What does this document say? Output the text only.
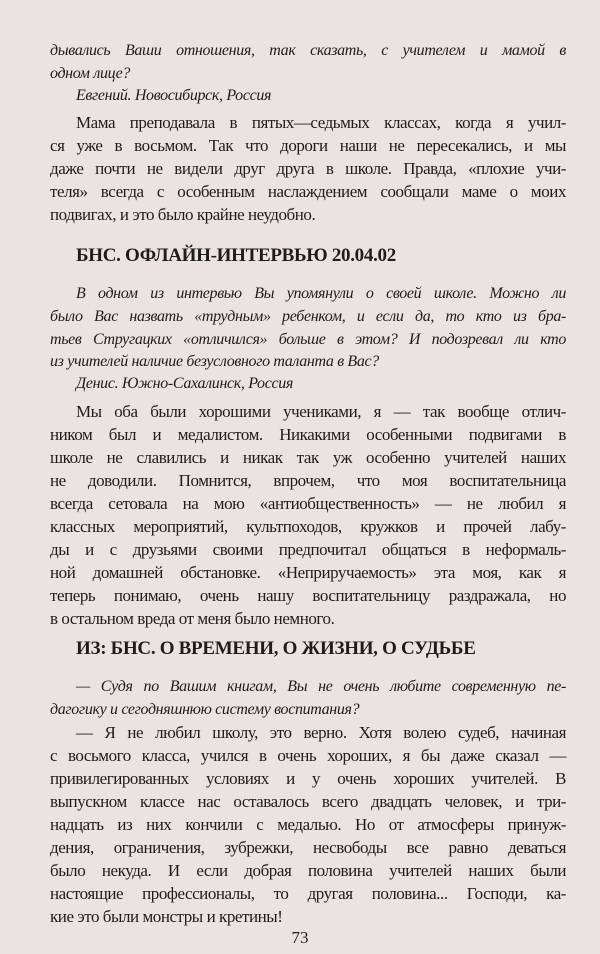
дывались Ваши отношения, так сказать, с учителем и мамой в
одном лице?
Евгений. Новосибирск, Россия
Мама преподавала в пятых—седьмых классах, когда я учил-
ся уже в восьмом. Так что дороги наши не пересекались, и мы
даже почти не видели друг друга в школе. Правда, «плохие учи-
теля» всегда с особенным наслаждением сообщали маме о моих
подвигах, и это было крайне неудобно.
БНС. ОФЛАЙН-ИНТЕРВЬЮ 20.04.02
В одном из интервью Вы упомянули о своей школе. Можно ли
было Вас назвать «трудным» ребенком, и если да, то кто из бра-
тьев Стругацких «отличился» больше в этом? И подозревал ли кто
из учителей наличие безусловного таланта в Вас?
Денис. Южно-Сахалинск, Россия
Мы оба были хорошими учениками, я — так вообще отлич-
ником был и медалистом. Никакими особенными подвигами в
школе не славились и никак так уж особенно учителей наших
не доводили. Помнится, впрочем, что моя воспитательница
всегда сетовала на мою «антиобщественность» — не любил я
классных мероприятий, культпоходов, кружков и прочей лабу-
ды и с друзьями своими предпочитал общаться в неформаль-
ной домашней обстановке. «Неприручаемость» эта моя, как я
теперь понимаю, очень нашу воспитательницу раздражала, но
в остальном вреда от меня было немного.
ИЗ: БНС. О ВРЕМЕНИ, О ЖИЗНИ, О СУДЬБЕ
— Судя по Вашим книгам, Вы не очень любите современную пе-
дагогику и сегодняшнюю систему воспитания?
— Я не любил школу, это верно. Хотя волею судеб, начиная
с восьмого класса, учился в очень хороших, я бы даже сказал —
привилегированных условиях и у очень хороших учителей. В
выпускном классе нас оставалось всего двадцать человек, и три-
надцать из них кончили с медалью. Но от атмосферы принуж-
дения, ограничения, зубрежки, несвободы все равно деваться
было некуда. И если добрая половина учителей наших были
настоящие профессионалы, то другая половина... Господи, ка-
кие это были монстры и кретины!
73
